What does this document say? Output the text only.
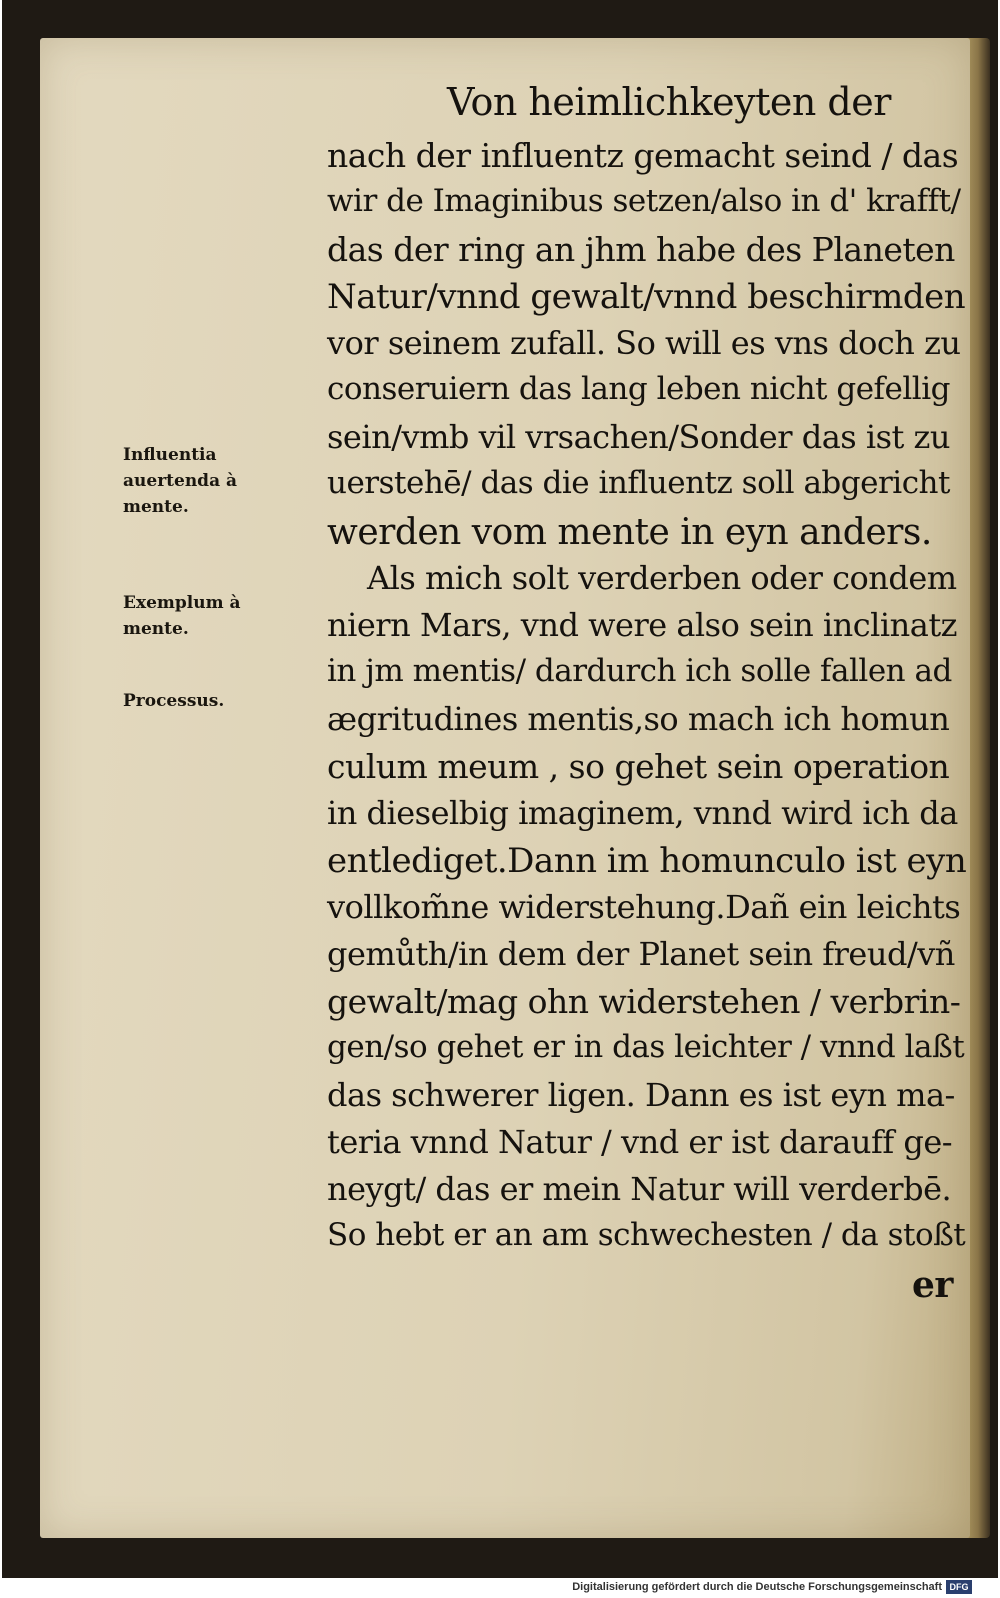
Von heimlichkeyten der
nach der influentz gemacht seind / das
wir de Imaginibus setzen/also in d' krafft/
das der ring an jhm habe des Planeten
Natur/vnnd gewalt/vnnd beschirmden
vor seinem zufall. So will es vns doch zu
conseruiern das lang leben nicht gefellig
sein/vmb vil vrsachen/Sonder das ist zu
uerstehē/ das die influentz soll abgericht
werden vom mente in eyn anders.
Als mich solt verderben oder condem
niern Mars, vnd were also sein inclinatz
in jm mentis/ dardurch ich solle fallen ad
ægritudines mentis,so mach ich homun
culum meum , so gehet sein operation
in dieselbig imaginem, vnnd wird ich da
entlediget.Dann im homunculo ist eyn
vollkom̃ne widerstehung.Dañ ein leichts
gemůth/in dem der Planet sein freud/vñ
gewalt/mag ohn widerstehen / verbrin-
gen/so gehet er in das leichter / vnnd laßt
das schwerer ligen. Dann es ist eyn ma-
teria vnnd Natur / vnd er ist darauff ge-
neygt/ das er mein Natur will verderbē.
So hebt er an am schwechesten / da stoßt
er
Influentia auertenda à mente.
Exemplum à mente.
Processus.
Digitalisierung gefördert durch die Deutsche Forschungsgemeinschaft DFG
